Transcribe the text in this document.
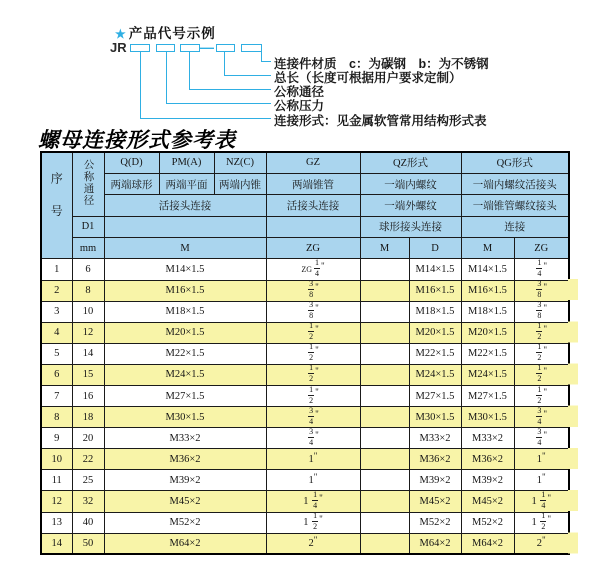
★ 产品代号示例
JR	—
连接件材质　c：为碳钢　b：为不锈钢
总长（长度可根据用户要求定制）
公称通径
公称压力
连接形式：见金属软管常用结构形式表
螺母连接形式参考表
序号	公称通径	Q(D)	PM(A)	NZ(C)	GZ	QZ形式		QG形式	
		两端球形	两端平面	两端内锥	两端锥管	一端内螺纹		一端内螺纹活接头	
		活接头连接			活接头连接	一端外螺纹		一端锥管螺纹接头	
	D1					球形接头连接		连接	
	mm	M			ZG	M	D	M	ZG
1	6	M14×1.5			ZG $\frac{1}{4}$ "		M14×1.5	M14×1.5	$\frac{1}{4}$ "
2	8	M16×1.5			$\frac{3}{8}$ "		M16×1.5	M16×1.5	$\frac{3}{8}$ "
3	10	M18×1.5			$\frac{3}{8}$ "		M18×1.5	M18×1.5	$\frac{3}{8}$ "
4	12	M20×1.5			$\frac{1}{2}$ "		M20×1.5	M20×1.5	$\frac{1}{2}$ "
5	14	M22×1.5			$\frac{1}{2}$ "		M22×1.5	M22×1.5	$\frac{1}{2}$ "
6	15	M24×1.5			$\frac{1}{2}$ "		M24×1.5	M24×1.5	$\frac{1}{2}$ "
7	16	M27×1.5			$\frac{1}{2}$ "		M27×1.5	M27×1.5	$\frac{1}{2}$ "
8	18	M30×1.5			$\frac{3}{4}$ "		M30×1.5	M30×1.5	$\frac{3}{4}$ "
9	20	M33×2			$\frac{3}{4}$ "		M33×2	M33×2	$\frac{3}{4}$ "
10	22	M36×2			1"		M36×2	M36×2	1"
11	25	M39×2			1"		M39×2	M39×2	1"
12	32	M45×2			$1 \frac{1}{4}$ "		M45×2	M45×2	$1 \frac{1}{4}$ "
13	40	M52×2			$1 \frac{1}{2}$ "		M52×2	M52×2	$1 \frac{1}{2}$ "
14	50	M64×2			2"		M64×2	M64×2	2"
